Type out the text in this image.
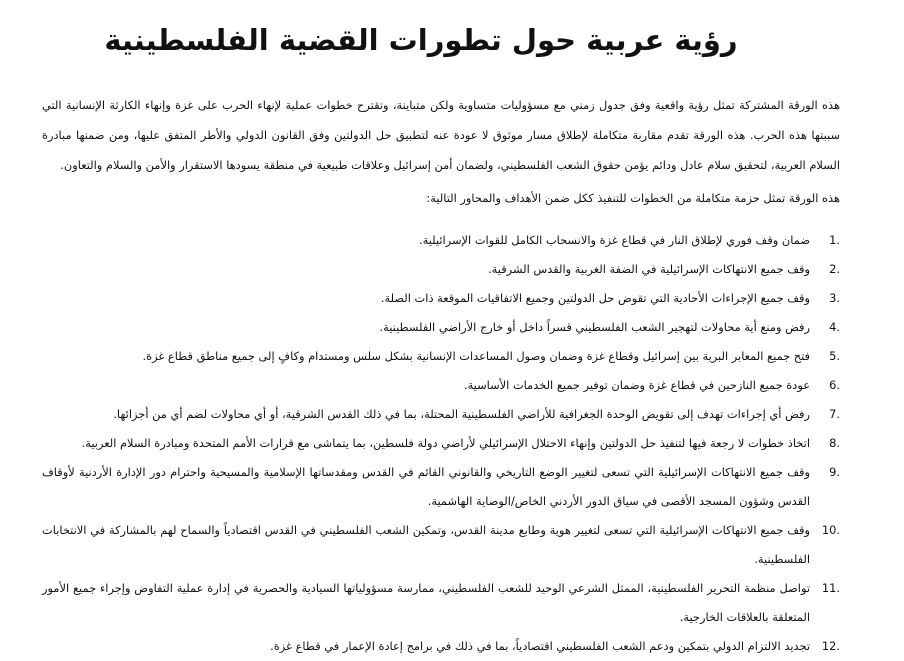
رؤية عربية حول تطورات القضية الفلسطينية

هذه الورقة المشتركة تمثل رؤية واقعية وفق جدول زمني مع مسؤوليات متساوية ولكن متباينة، وتقترح خطوات عملية لإنهاء الحرب على غزة وإنهاء الكارثة الإنسانية التي سببتها هذه الحرب. هذه الورقة تقدم مقاربة متكاملة لإطلاق مسار موثوق لا عودة عنه لتطبيق حل الدولتين وفق القانون الدولي والأطر المتفق عليها، ومن ضمنها مبادرة السلام العربية، لتحقيق سلام عادل ودائم يؤمن حقوق الشعب الفلسطيني، ولضمان أمن إسرائيل وعلاقات طبيعية في منطقة يسودها الاستقرار والأمن والسلام والتعاون.

هذه الورقة تمثل حزمة متكاملة من الخطوات للتنفيذ ككل ضمن الأهداف والمحاور التالية:

1.
ضمان وقف فوري لإطلاق النار في قطاع غزة والانسحاب الكامل للقوات الإسرائيلية.
2.
وقف جميع الانتهاكات الإسرائيلية في الضفة الغربية والقدس الشرقية.
3.
وقف جميع الإجراءات الأحادية التي تقوض حل الدولتين وجميع الاتفاقيات الموقعة ذات الصلة.
4.
رفض ومنع أية محاولات لتهجير الشعب الفلسطيني قسراً داخل أو خارج الأراضي الفلسطينية.
5.
فتح جميع المعابر البرية بين إسرائيل وقطاع غزة وضمان وصول المساعدات الإنسانية بشكل سلس ومستدام وكافٍ إلى جميع مناطق قطاع غزة.
6.
عودة جميع النازحين في قطاع غزة وضمان توفير جميع الخدمات الأساسية.
7.
رفض أي إجراءات تهدف إلى تقويض الوحدة الجغرافية للأراضي الفلسطينية المحتلة، بما في ذلك القدس الشرقية، أو أي محاولات لضم أي من أجزائها.
8.
اتخاذ خطوات لا رجعة فيها لتنفيذ حل الدولتين وإنهاء الاحتلال الإسرائيلي لأراضي دولة فلسطين، بما يتماشى مع قرارات الأمم المتحدة ومبادرة السلام العربية.
9.
وقف جميع الانتهاكات الإسرائيلية التي تسعى لتغيير الوضع التاريخي والقانوني القائم في القدس ومقدساتها الإسلامية والمسيحية واحترام دور الإدارة الأردنية لأوقاف القدس وشؤون المسجد الأقصى في سياق الدور الأردني الخاص/الوصاية الهاشمية.
10.
وقف جميع الانتهاكات الإسرائيلية التي تسعى لتغيير هوية وطابع مدينة القدس، وتمكين الشعب الفلسطيني في القدس اقتصادياً والسماح لهم بالمشاركة في الانتخابات الفلسطينية.
11.
تواصل منظمة التحرير الفلسطينية، الممثل الشرعي الوحيد للشعب الفلسطيني، ممارسة مسؤولياتها السيادية والحصرية في إدارة عملية التفاوض وإجراء جميع الأمور المتعلقة بالعلاقات الخارجية.
12.
تجديد الالتزام الدولي بتمكين ودعم الشعب الفلسطيني اقتصادياً، بما في ذلك في برامج إعادة الإعمار في قطاع غزة.
